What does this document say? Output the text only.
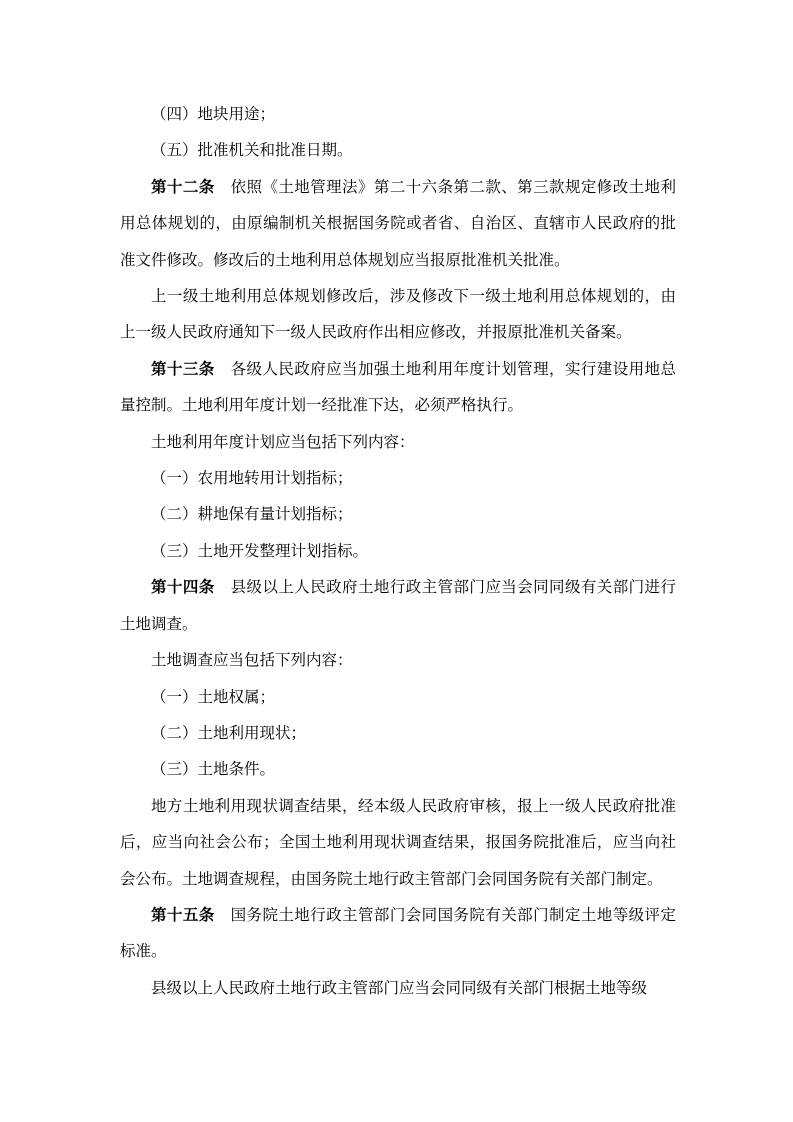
（四）地块用途；

（五）批准机关和批准日期。

第十二条　依照《土地管理法》第二十六条第二款、第三款规定修改土地利用总体规划的，由原编制机关根据国务院或者省、自治区、直辖市人民政府的批准文件修改。修改后的土地利用总体规划应当报原批准机关批准。

上一级土地利用总体规划修改后，涉及修改下一级土地利用总体规划的，由上一级人民政府通知下一级人民政府作出相应修改，并报原批准机关备案。

第十三条　各级人民政府应当加强土地利用年度计划管理，实行建设用地总量控制。土地利用年度计划一经批准下达，必须严格执行。

土地利用年度计划应当包括下列内容：

（一）农用地转用计划指标；

（二）耕地保有量计划指标；

（三）土地开发整理计划指标。

第十四条　县级以上人民政府土地行政主管部门应当会同同级有关部门进行土地调查。

土地调查应当包括下列内容：

（一）土地权属；

（二）土地利用现状；

（三）土地条件。

地方土地利用现状调查结果，经本级人民政府审核，报上一级人民政府批准后，应当向社会公布；全国土地利用现状调查结果，报国务院批准后，应当向社会公布。土地调查规程，由国务院土地行政主管部门会同国务院有关部门制定。

第十五条　国务院土地行政主管部门会同国务院有关部门制定土地等级评定标准。

县级以上人民政府土地行政主管部门应当会同同级有关部门根据土地等级
